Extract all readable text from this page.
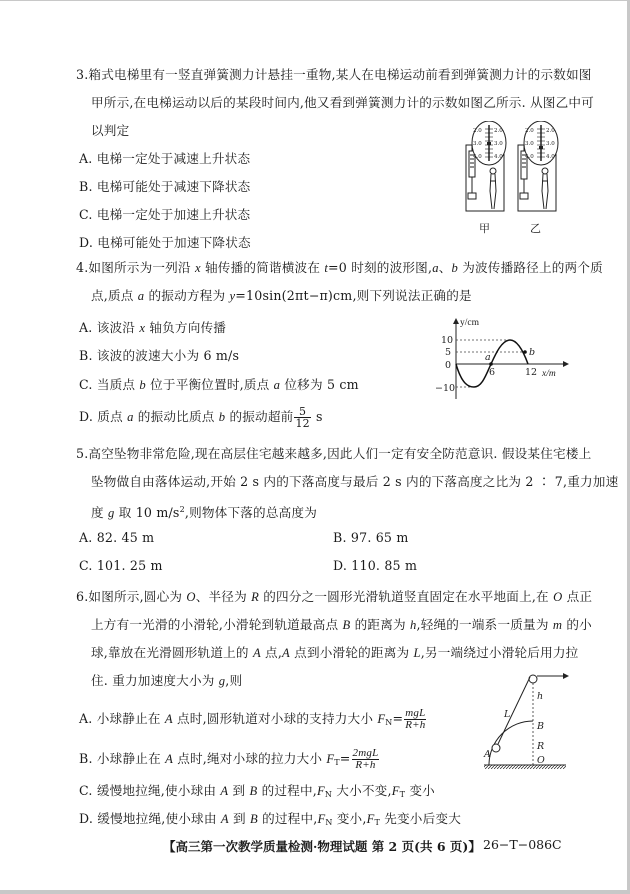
3.箱式电梯里有一竖直弹簧测力计悬挂一重物,某人在电梯运动前看到弹簧测力计的示数如图
甲所示,在电梯运动以后的某段时间内,他又看到弹簧测力计的示数如图乙所示. 从图乙中可
以判定
A. 电梯一定处于减速上升状态
B. 电梯可能处于减速下降状态
C. 电梯一定处于加速上升状态
D. 电梯可能处于加速下降状态
2.0 2.0
3.0 3.0
4.0 4.0
2.0 2.0
3.0 3.0
4.0 4.0
甲	乙
4.如图所示为一列沿 x 轴传播的简谐横波在 t=0 时刻的波形图,a、b 为波传播路径上的两个质
点,质点 a 的振动方程为 y=10sin(2πt−π)cm,则下列说法正确的是
A. 该波沿 x 轴负方向传播
B. 该波的波速大小为 6 m/s
C. 当质点 b 位于平衡位置时,质点 a 位移为 5 cm
D. 质点 a 的振动比质点 b 的振动超前 $\frac{5}{12}$ s
y/cm
x/m
10
5
0
−10
6	12
a	b
5.高空坠物非常危险,现在高层住宅越来越多,因此人们一定有安全防范意识. 假设某住宅楼上
坠物做自由落体运动,开始 2 s 内的下落高度与最后 2 s 内的下落高度之比为 2 ∶ 7,重力加速
度 g 取 10 $m/s^2$,则物体下落的总高度为
A. 82. 45 m	B. 97. 65 m
C. 101. 25 m	D. 110. 85 m
6.如图所示,圆心为 O、半径为 R 的四分之一圆形光滑轨道竖直固定在水平地面上,在 O 点正
上方有一光滑的小滑轮,小滑轮到轨道最高点 B 的距离为 h,轻绳的一端系一质量为 m 的小
球,靠放在光滑圆形轨道上的 A 点,A 点到小滑轮的距离为 L,另一端绕过小滑轮后用力拉
住. 重力加速度大小为 g,则
A. 小球静止在 A 点时,圆形轨道对小球的支持力大小 $F_N= \frac{\text{mgL}}{R+h}$
B. 小球静止在 A 点时,绳对小球的拉力大小 $F_T= \frac{\text{2mgL}}{R+h}$
C. 缓慢地拉绳,使小球由 A 到 B 的过程中$,F_N$ 大小不变$,F_T$ 变小
D. 缓慢地拉绳,使小球由 A 到 B 的过程中$,F_N$ 变小$,F_T$ 先变小后变大
L
h
B
R
A
O
【高三第一次教学质量检测·物理试题 第 2 页(共 6 页)】 26−T−086C
